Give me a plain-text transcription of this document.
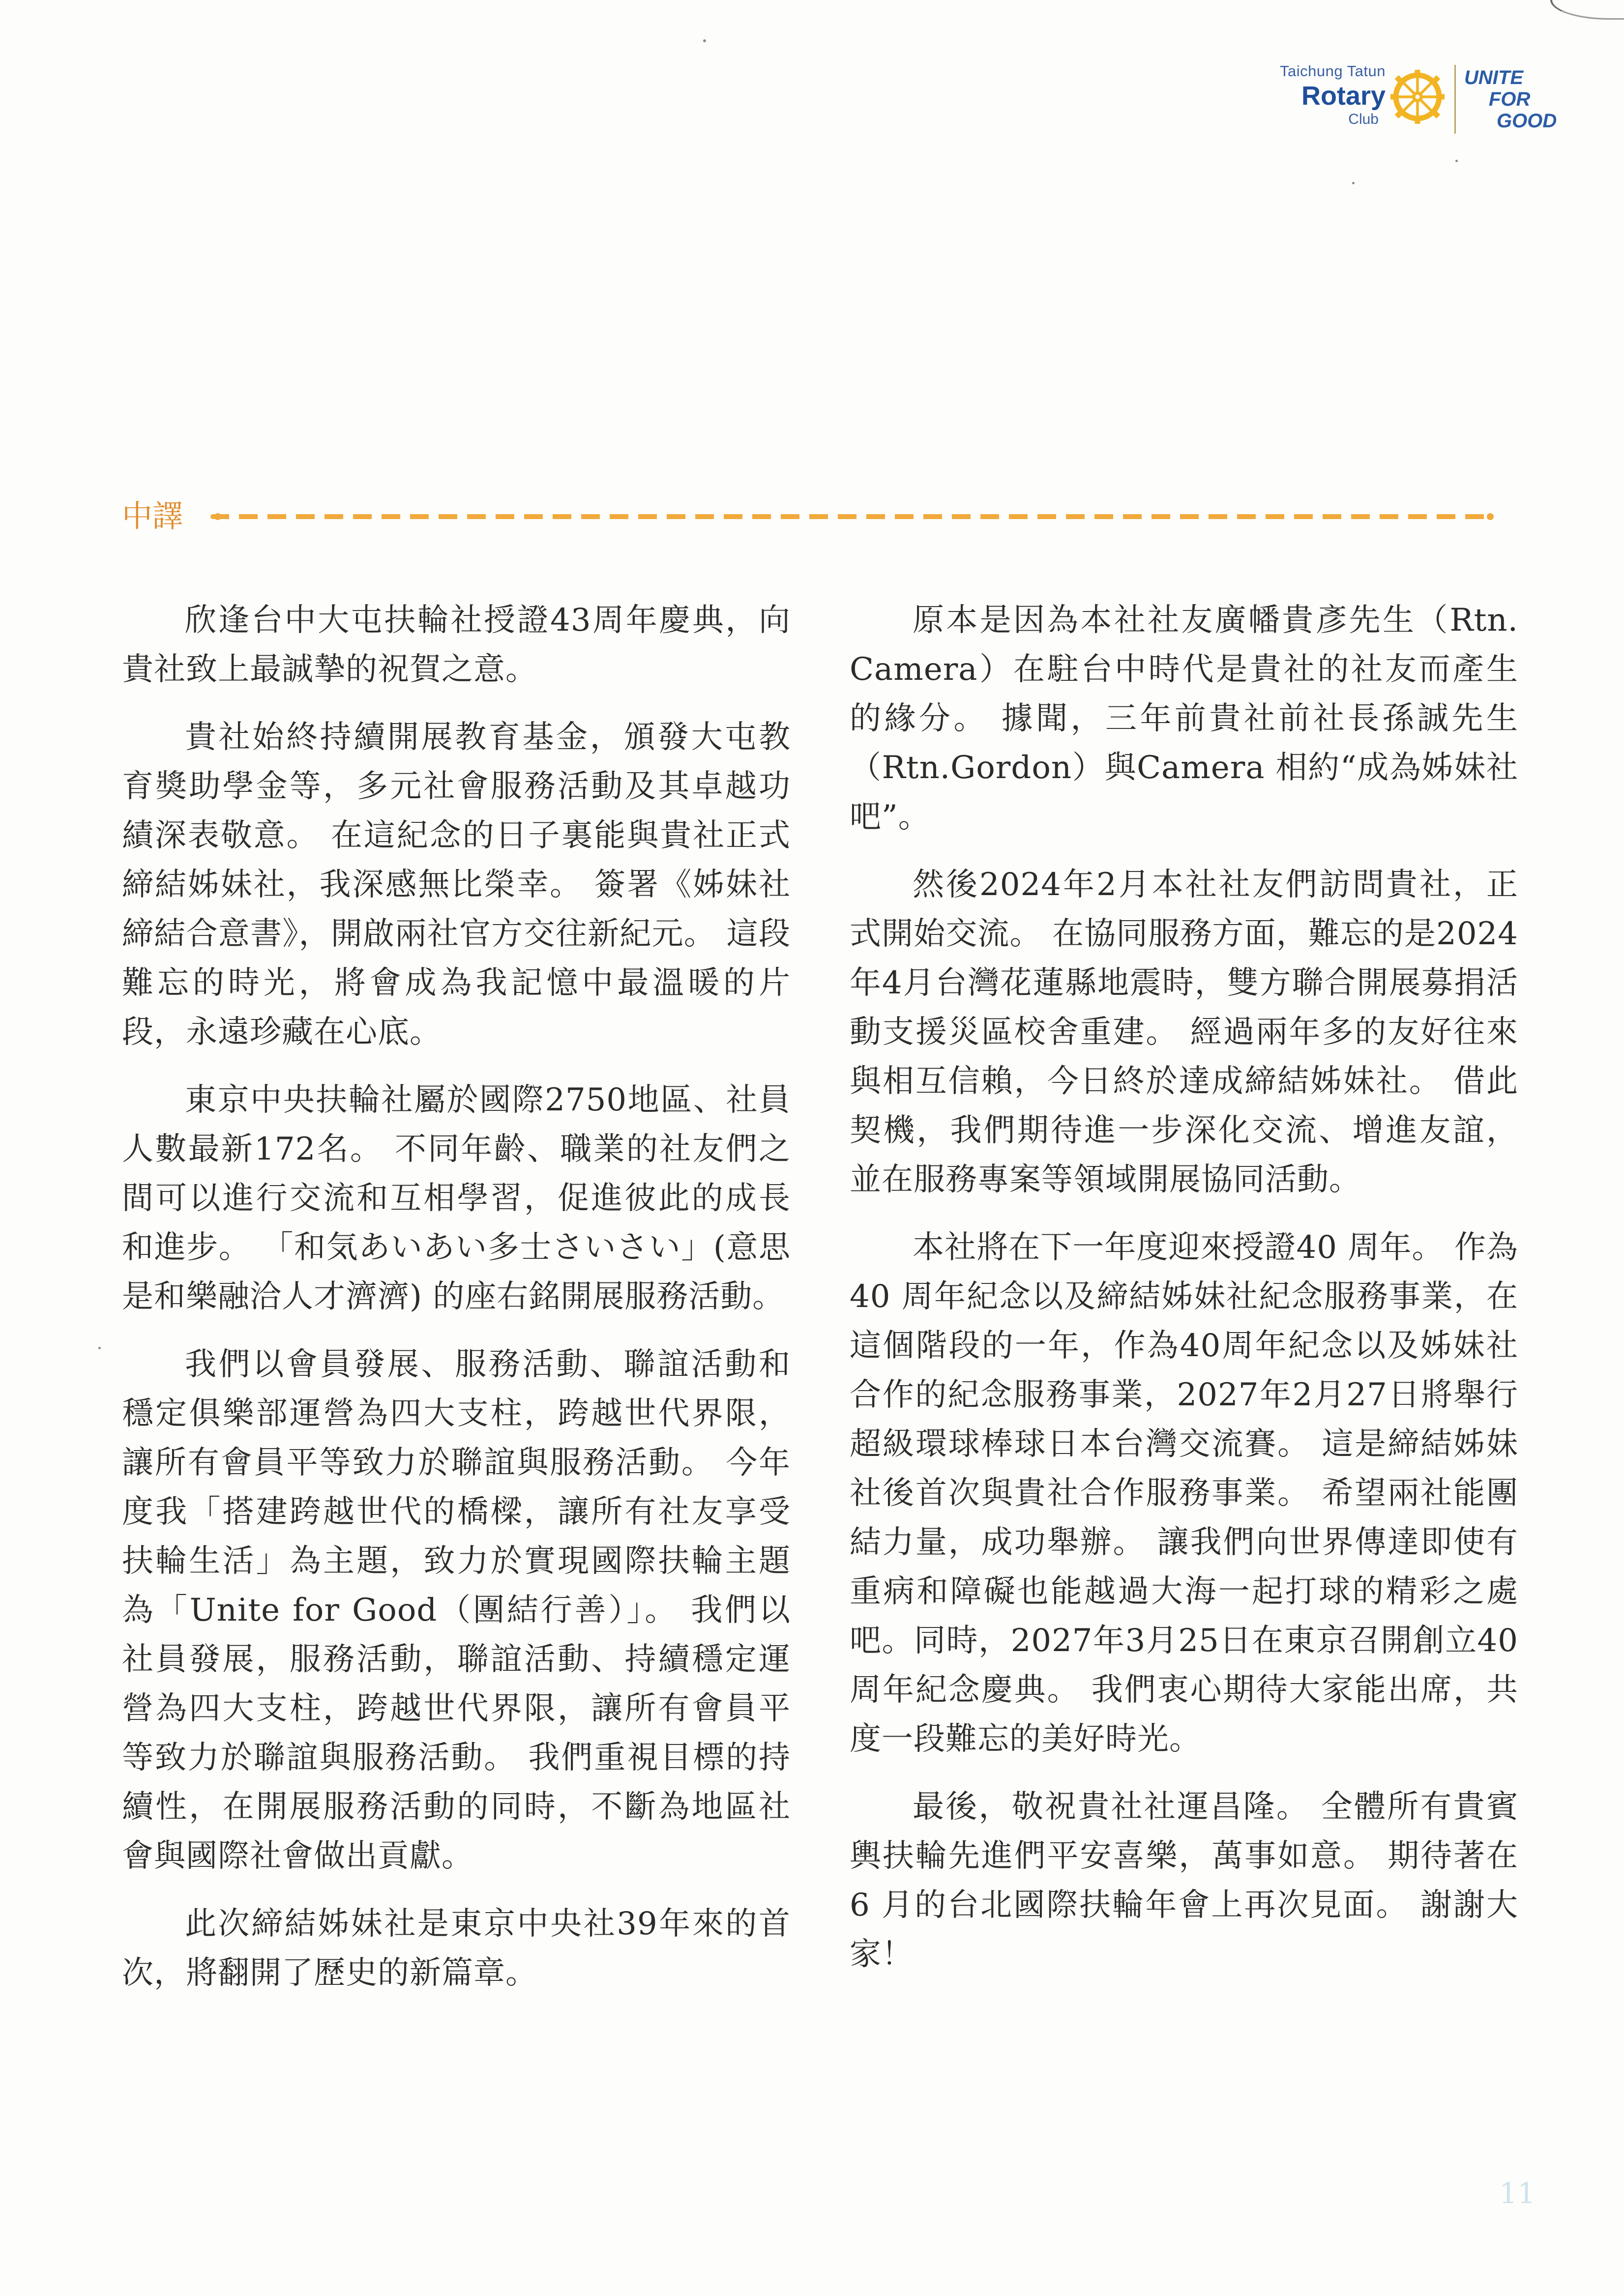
Taichung Tatun
Rotary
Club
UNITE
FOR
GOOD
中譯

欣逢台中大屯扶輪社授證43周年慶典，向貴社致上最誠摯的祝賀之意。

貴社始終持續開展教育基金，頒發大屯教育獎助學金等，多元社會服務活動及其卓越功績深表敬意。 在這紀念的日子裏能與貴社正式締結姊妹社，我深感無比榮幸。 簽署《姊妹社締結合意書》，開啟兩社官方交往新紀元。 這段難忘的時光，將會成為我記憶中最溫暖的片段，永遠珍藏在心底。

東京中央扶輪社屬於國際2750地區、社員人數最新172名。 不同年齡、職業的社友們之間可以進行交流和互相學習，促進彼此的成長和進步。 「和気あいあい多士さいさい」(意思是和樂融洽人才濟濟) 的座右銘開展服務活動。

我們以會員發展、服務活動、聯誼活動和穩定俱樂部運營為四大支柱，跨越世代界限，讓所有會員平等致力於聯誼與服務活動。 今年度我「搭建跨越世代的橋樑，讓所有社友享受扶輪生活」為主題，致力於實現國際扶輪主題為「Unite for Good（團結行善）」。 我們以社員發展，服務活動，聯誼活動、持續穩定運營為四大支柱，跨越世代界限，讓所有會員平等致力於聯誼與服務活動。 我們重視目標的持續性，在開展服務活動的同時，不斷為地區社會與國際社會做出貢獻。

此次締結姊妹社是東京中央社39年來的首次，將翻開了歷史的新篇章。

原本是因為本社社友廣幡貴彥先生（Rtn. Camera）在駐台中時代是貴社的社友而產生的緣分。 據聞，三年前貴社前社長孫誠先生（Rtn.Gordon）與Camera 相約“成為姊妹社吧”。

然後2024年2月本社社友們訪問貴社，正式開始交流。 在協同服務方面，難忘的是2024年4月台灣花蓮縣地震時，雙方聯合開展募捐活動支援災區校舍重建。 經過兩年多的友好往來與相互信賴，今日終於達成締結姊妹社。 借此契機，我們期待進一步深化交流、增進友誼，並在服務專案等領域開展協同活動。

本社將在下一年度迎來授證40 周年。 作為40 周年紀念以及締結姊妹社紀念服務事業，在這個階段的一年，作為40周年紀念以及姊妹社合作的紀念服務事業，2027年2月27日將舉行超級環球棒球日本台灣交流賽。 這是締結姊妹社後首次與貴社合作服務事業。 希望兩社能團結力量，成功舉辦。 讓我們向世界傳達即使有重病和障礙也能越過大海一起打球的精彩之處吧。同時，2027年3月25日在東京召開創立40周年紀念慶典。 我們衷心期待大家能出席，共度一段難忘的美好時光。

最後，敬祝貴社社運昌隆。 全體所有貴賓輿扶輪先進們平安喜樂，萬事如意。 期待著在6 月的台北國際扶輪年會上再次見面。 謝謝大家！

11
